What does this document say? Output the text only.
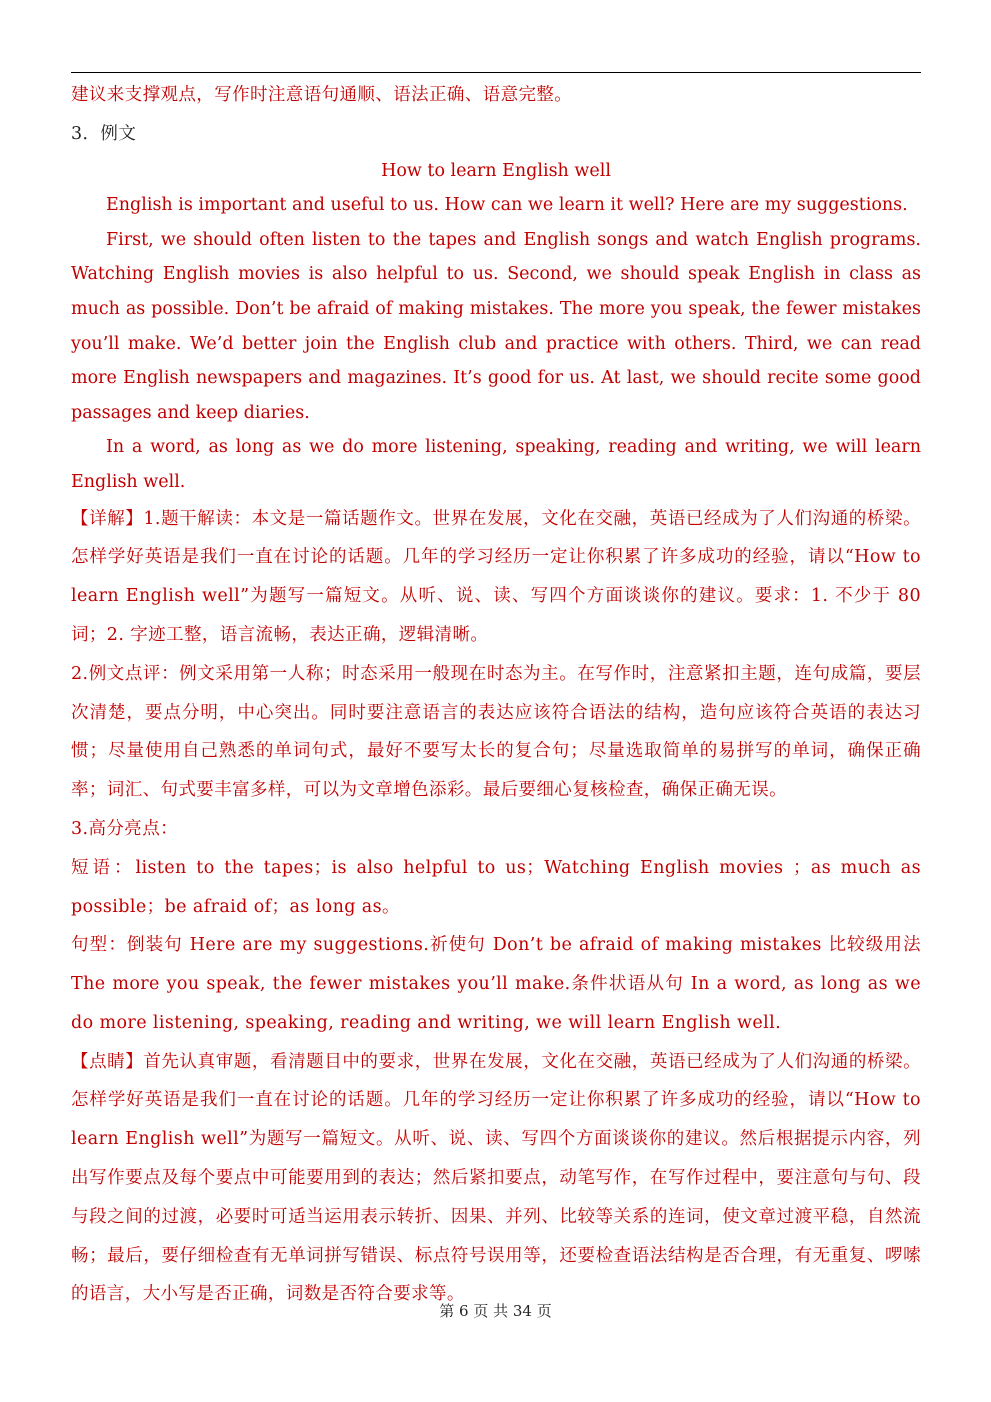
建议来支撑观点，写作时注意语句通顺、语法正确、语意完整。

3．例文

How to learn English well

English is important and useful to us. How can we learn it well? Here are my suggestions.

First, we should often listen to the tapes and English songs and watch English programs. Watching English movies is also helpful to us. Second, we should speak English in class as much as possible. Don’t be afraid of making mistakes. The more you speak, the fewer mistakes you’ll make. We’d better join the English club and practice with others. Third, we can read more English newspapers and magazines. It’s good for us. At last, we should recite some good passages and keep diaries.

In a word, as long as we do more listening, speaking, reading and writing, we will learn English well.

【详解】1.题干解读：本文是一篇话题作文。世界在发展，文化在交融，英语已经成为了人们沟通的桥梁。怎样学好英语是我们一直在讨论的话题。几年的学习经历一定让你积累了许多成功的经验，请以“How to learn English well”为题写一篇短文。从听、说、读、写四个方面谈谈你的建议。要求：1. 不少于 80 词；2. 字迹工整，语言流畅，表达正确，逻辑清晰。

2.例文点评：例文采用第一人称；时态采用一般现在时态为主。在写作时，注意紧扣主题，连句成篇，要层次清楚，要点分明，中心突出。同时要注意语言的表达应该符合语法的结构，造句应该符合英语的表达习惯；尽量使用自己熟悉的单词句式，最好不要写太长的复合句；尽量选取简单的易拼写的单词，确保正确率；词汇、句式要丰富多样，可以为文章增色添彩。最后要细心复核检查，确保正确无误。

3.高分亮点：

短语：listen to the tapes；is also helpful to us；Watching English movies ；as much as possible；be afraid of；as long as。

句型：倒装句 Here are my suggestions.祈使句 Don’t be afraid of making mistakes 比较级用法 The more you speak, the fewer mistakes you’ll make.条件状语从句 In a word, as long as we do more listening, speaking, reading and writing, we will learn English well.

【点睛】首先认真审题，看清题目中的要求，世界在发展，文化在交融，英语已经成为了人们沟通的桥梁。怎样学好英语是我们一直在讨论的话题。几年的学习经历一定让你积累了许多成功的经验，请以“How to learn English well”为题写一篇短文。从听、说、读、写四个方面谈谈你的建议。然后根据提示内容，列出写作要点及每个要点中可能要用到的表达；然后紧扣要点，动笔写作，在写作过程中，要注意句与句、段与段之间的过渡，必要时可适当运用表示转折、因果、并列、比较等关系的连词，使文章过渡平稳，自然流畅；最后，要仔细检查有无单词拼写错误、标点符号误用等，还要检查语法结构是否合理，有无重复、啰嗦的语言，大小写是否正确，词数是否符合要求等。

第 6 页 共 34 页
